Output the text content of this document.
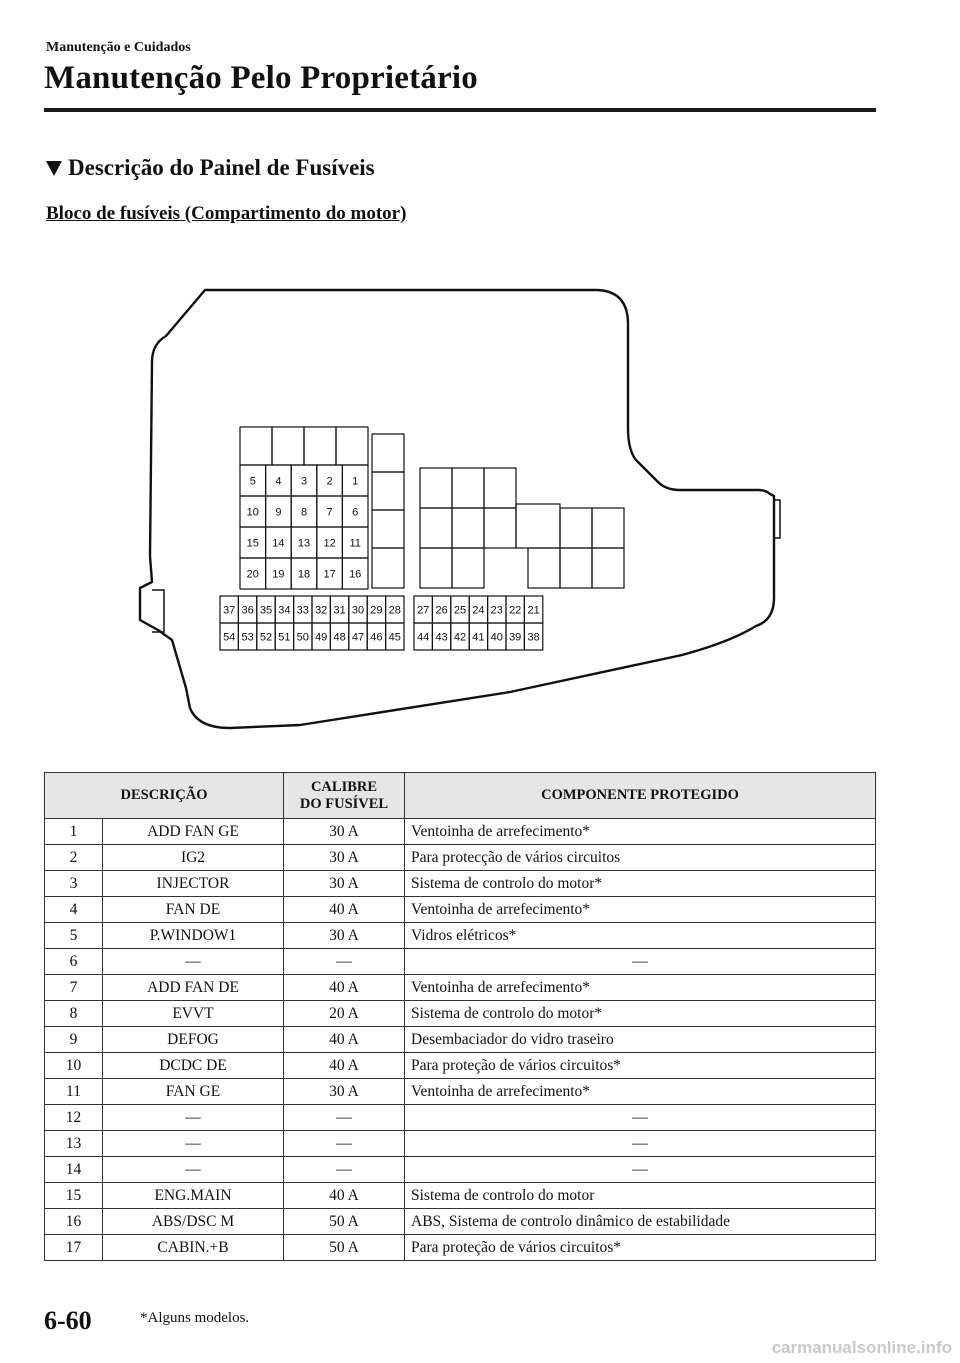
Manutenção e Cuidados
Manutenção Pelo Proprietário
Descrição do Painel de Fusíveis
Bloco de fusíveis (Compartimento do motor)
5 4 3 2 1
10 9 8 7 6
15 14 13 12 11
20 19 18 17 16
37 36 35 34 33 32 31 30 29 28
54 53 52 51 50 49 48 47 46 45
27 26 25 24 23 22 21
44 43 42 41 40 39 38
DESCRIÇÃO		CALIBRE
DO FUSÍVEL	COMPONENTE PROTEGIDO
1	ADD FAN GE	30 A	Ventoinha de arrefecimento*
2	IG2	30 A	Para protecção de vários circuitos
3	INJECTOR	30 A	Sistema de controlo do motor*
4	FAN DE	40 A	Ventoinha de arrefecimento*
5	P.WINDOW1	30 A	Vidros elétricos*
6	—	—	—
7	ADD FAN DE	40 A	Ventoinha de arrefecimento*
8	EVVT	20 A	Sistema de controlo do motor*
9	DEFOG	40 A	Desembaciador do vidro traseiro
10	DCDC DE	40 A	Para proteção de vários circuitos*
11	FAN GE	30 A	Ventoinha de arrefecimento*
12	—	—	—
13	—	—	—
14	—	—	—
15	ENG.MAIN	40 A	Sistema de controlo do motor
16	ABS/DSC M	50 A	ABS, Sistema de controlo dinâmico de estabilidade
17	CABIN.+B	50 A	Para proteção de vários circuitos*
6-60	*Alguns modelos.
carmanualsonline.info
